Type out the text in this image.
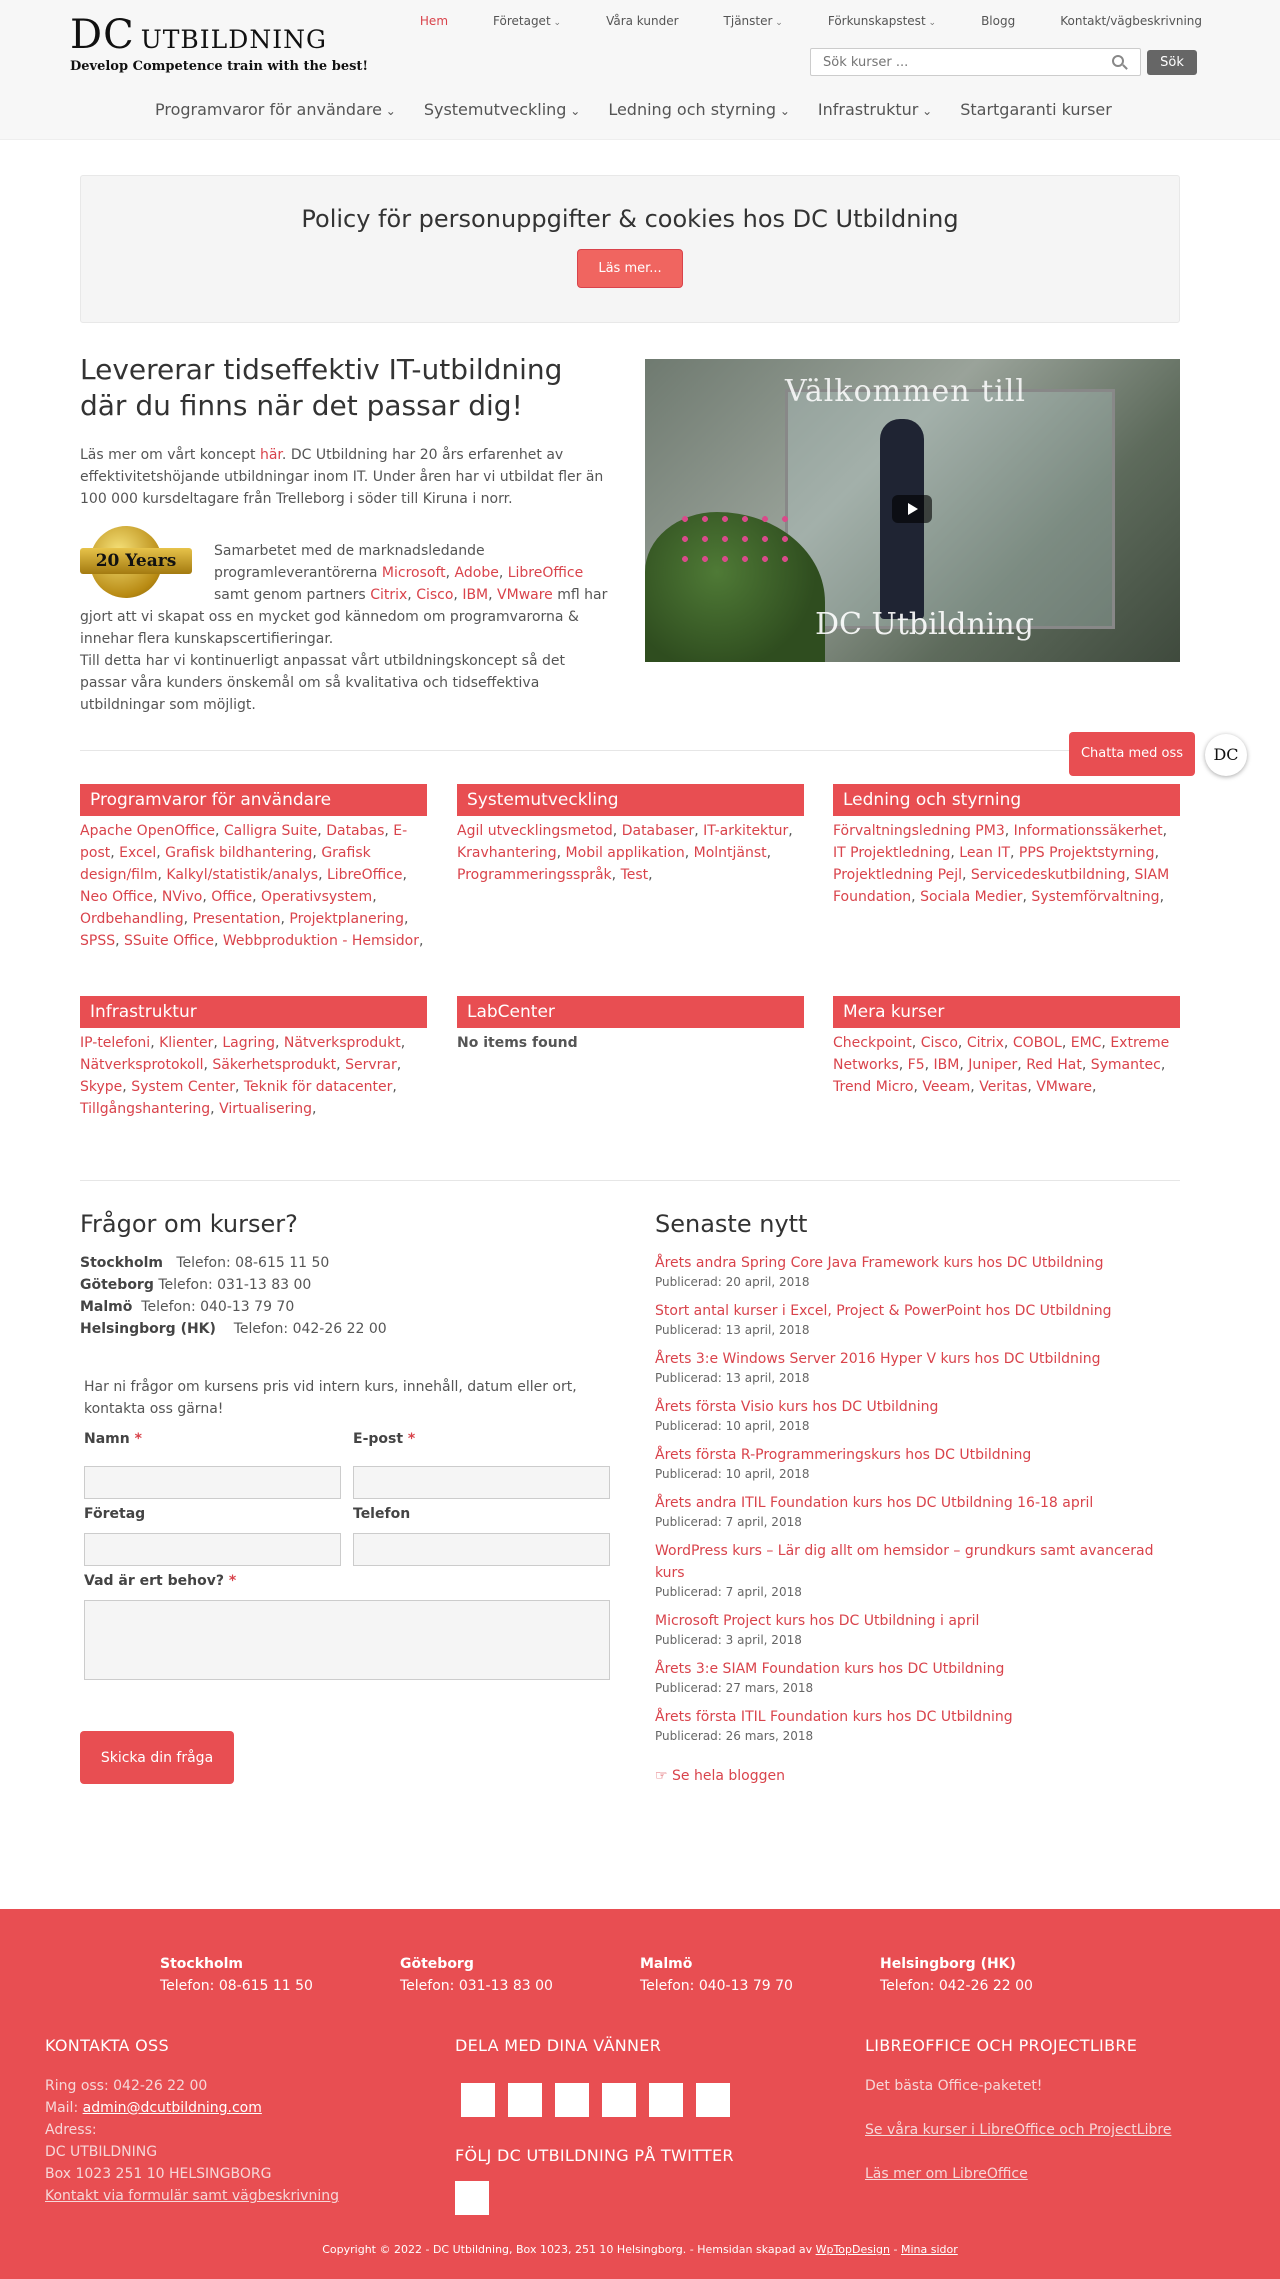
DC UTBILDNING
Develop Competence train with the best!
Hem	Företaget ⌄	Våra kunder	Tjänster ⌄	Förkunskapstest ⌄	Blogg	Kontakt/vägbeskrivning
Sök kurser ...
Sök
Programvaror för användare ⌄	Systemutveckling ⌄	Ledning och styrning ⌄	Infrastruktur ⌄	Startgaranti kurser
Policy för personuppgifter & cookies hos DC Utbildning
Läs mer...
Levererar tidseffektiv IT-utbildning där du finns när det passar dig!

Läs mer om vårt koncept här. DC Utbildning har 20 års erfarenhet av effektivitetshöjande utbildningar inom IT. Under åren har vi utbildat fler än 100 000 kursdeltagare från Trelleborg i söder till Kiruna i norr.

20 Years	Samarbetet med de marknadsledande programleverantörerna Microsoft, Adobe, LibreOffice samt genom partners Citrix, Cisco, IBM, VMware mfl har gjort att vi skapat oss en mycket god kännedom om programvarorna & innehar flera kunskapscertifieringar.

Till detta har vi kontinuerligt anpassat vårt utbildningskoncept så det passar våra kunders önskemål om så kvalitativa och tidseffektiva utbildningar som möjligt.

Välkommen till
DC Utbildning
Chatta med oss	DC
Programvaror för användare
Apache OpenOffice, Calligra Suite, Databas, E-post, Excel, Grafisk bildhantering, Grafisk design/film, Kalkyl/statistik/analys, LibreOffice, Neo Office, NVivo, Office, Operativsystem, Ordbehandling, Presentation, Projektplanering, SPSS, SSuite Office, Webbproduktion - Hemsidor,
Systemutveckling
Agil utvecklingsmetod, Databaser, IT-arkitektur, Kravhantering, Mobil applikation, Molntjänst, Programmeringsspråk, Test,
Ledning och styrning
Förvaltningsledning PM3, Informationssäkerhet, IT Projektledning, Lean IT, PPS Projektstyrning, Projektledning Pejl, Servicedeskutbildning, SIAM Foundation, Sociala Medier, Systemförvaltning,
Infrastruktur
IP-telefoni, Klienter, Lagring, Nätverksprodukt, Nätverksprotokoll, Säkerhetsprodukt, Servrar, Skype, System Center, Teknik för datacenter, Tillgångshantering, Virtualisering,
LabCenter
No items found
Mera kurser
Checkpoint, Cisco, Citrix, COBOL, EMC, Extreme Networks, F5, IBM, Juniper, Red Hat, Symantec, Trend Micro, Veeam, Veritas, VMware,
Frågor om kurser?
Stockholm Telefon: 08-615 11 50
Göteborg Telefon: 031-13 83 00
Malmö Telefon: 040-13 79 70
Helsingborg (HK) Telefon: 042-26 22 00

Har ni frågor om kursens pris vid intern kurs, innehåll, datum eller ort, kontakta oss gärna!

Namn *	E-post *
Företag	Telefon
Vad är ert behov? *
Skicka din fråga
Senaste nytt
Årets andra Spring Core Java Framework kurs hos DC Utbildning
Publicerad: 20 april, 2018
Stort antal kurser i Excel, Project & PowerPoint hos DC Utbildning
Publicerad: 13 april, 2018
Årets 3:e Windows Server 2016 Hyper V kurs hos DC Utbildning
Publicerad: 13 april, 2018
Årets första Visio kurs hos DC Utbildning
Publicerad: 10 april, 2018
Årets första R-Programmeringskurs hos DC Utbildning
Publicerad: 10 april, 2018
Årets andra ITIL Foundation kurs hos DC Utbildning 16-18 april
Publicerad: 7 april, 2018
WordPress kurs – Lär dig allt om hemsidor – grundkurs samt avancerad kurs
Publicerad: 7 april, 2018
Microsoft Project kurs hos DC Utbildning i april
Publicerad: 3 april, 2018
Årets 3:e SIAM Foundation kurs hos DC Utbildning
Publicerad: 27 mars, 2018
Årets första ITIL Foundation kurs hos DC Utbildning
Publicerad: 26 mars, 2018
☞ Se hela bloggen
Stockholm
Telefon: 08-615 11 50
Göteborg
Telefon: 031-13 83 00
Malmö
Telefon: 040-13 79 70
Helsingborg (HK)
Telefon: 042-26 22 00
KONTAKTA OSS
Ring oss: 042-26 22 00
Mail: admin@dcutbildning.com
Adress:
DC UTBILDNING
Box 1023 251 10 HELSINGBORG
Kontakt via formulär samt vägbeskrivning
DELA MED DINA VÄNNER
FÖLJ DC UTBILDNING PÅ TWITTER
LIBREOFFICE OCH PROJECTLIBRE
Det bästa Office-paketet!
Se våra kurser i LibreOffice och ProjectLibre
Läs mer om LibreOffice
Copyright © 2022 - DC Utbildning, Box 1023, 251 10 Helsingborg. - Hemsidan skapad av WpTopDesign - Mina sidor
